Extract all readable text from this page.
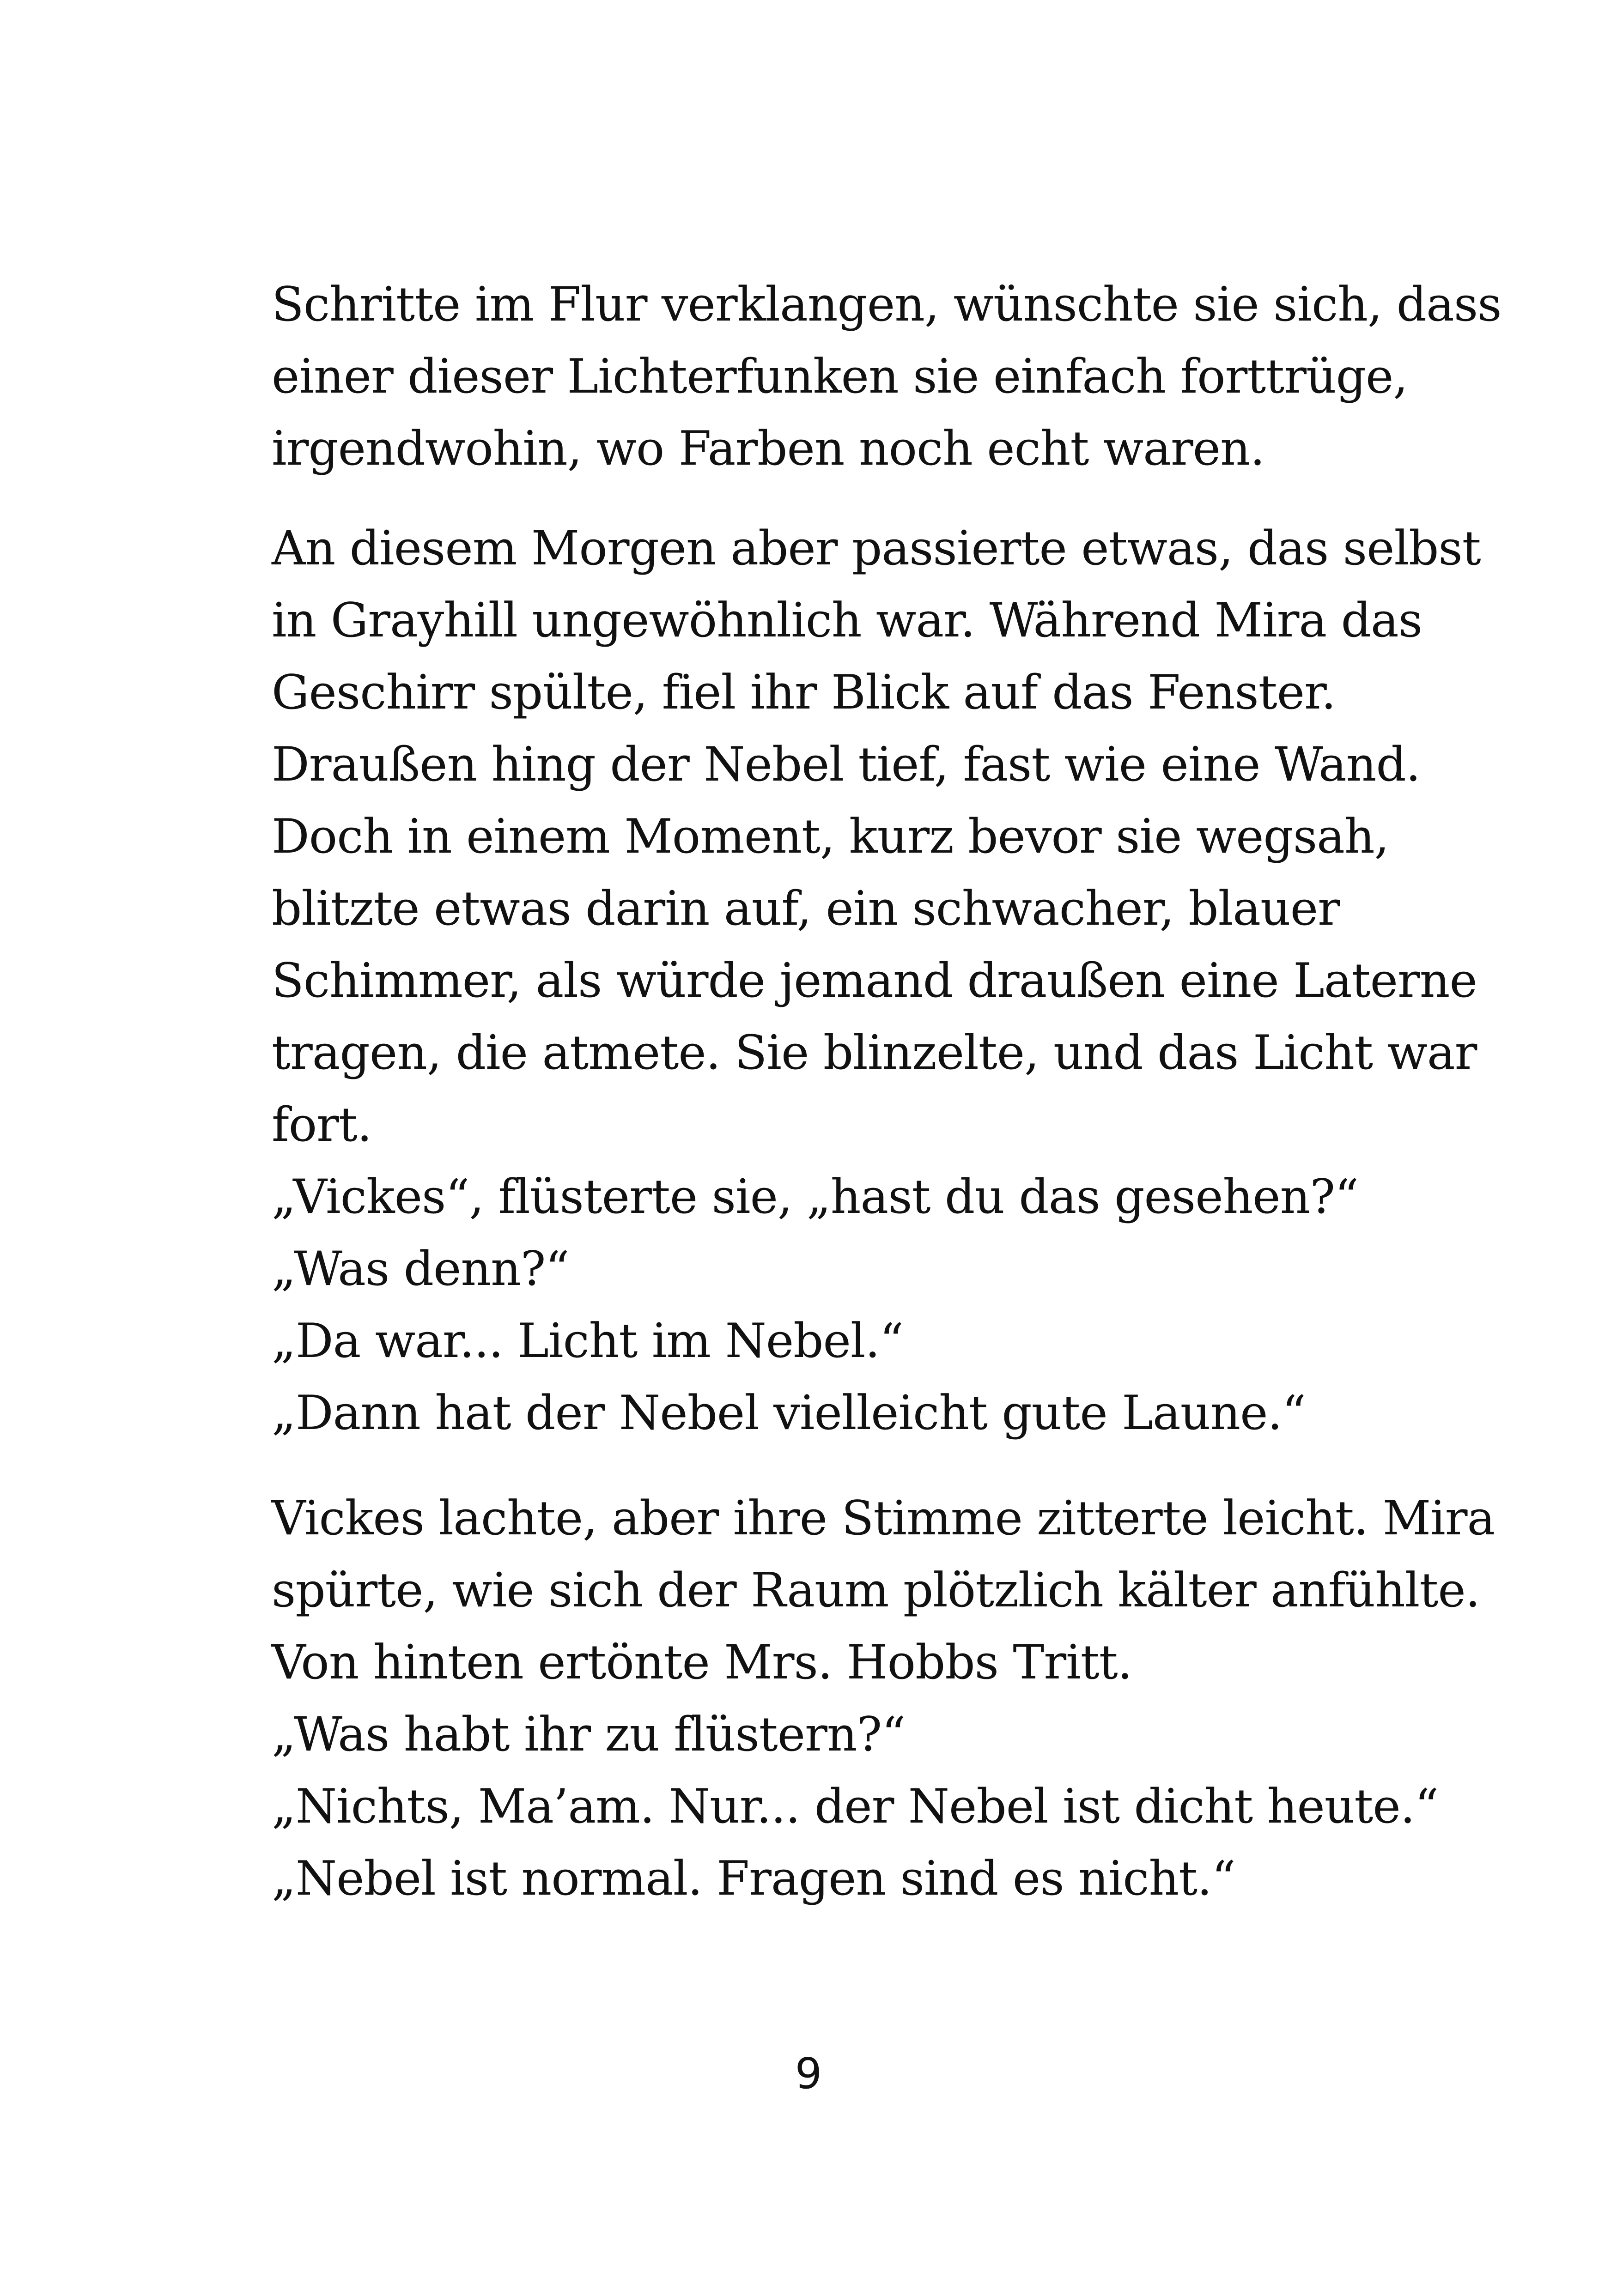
Schritte im Flur verklangen, wünschte sie sich, dass
einer dieser Lichterfunken sie einfach forttrüge,
irgendwohin, wo Farben noch echt waren.
An diesem Morgen aber passierte etwas, das selbst
in Grayhill ungewöhnlich war. Während Mira das
Geschirr spülte, fiel ihr Blick auf das Fenster.
Draußen hing der Nebel tief, fast wie eine Wand.
Doch in einem Moment, kurz bevor sie wegsah,
blitzte etwas darin auf, ein schwacher, blauer
Schimmer, als würde jemand draußen eine Laterne
tragen, die atmete. Sie blinzelte, und das Licht war
fort.
„Vickes“, flüsterte sie, „hast du das gesehen?“
„Was denn?“
„Da war... Licht im Nebel.“
„Dann hat der Nebel vielleicht gute Laune.“
Vickes lachte, aber ihre Stimme zitterte leicht. Mira
spürte, wie sich der Raum plötzlich kälter anfühlte.
Von hinten ertönte Mrs. Hobbs Tritt.
„Was habt ihr zu flüstern?“
„Nichts, Ma’am. Nur... der Nebel ist dicht heute.“
„Nebel ist normal. Fragen sind es nicht.“
9
